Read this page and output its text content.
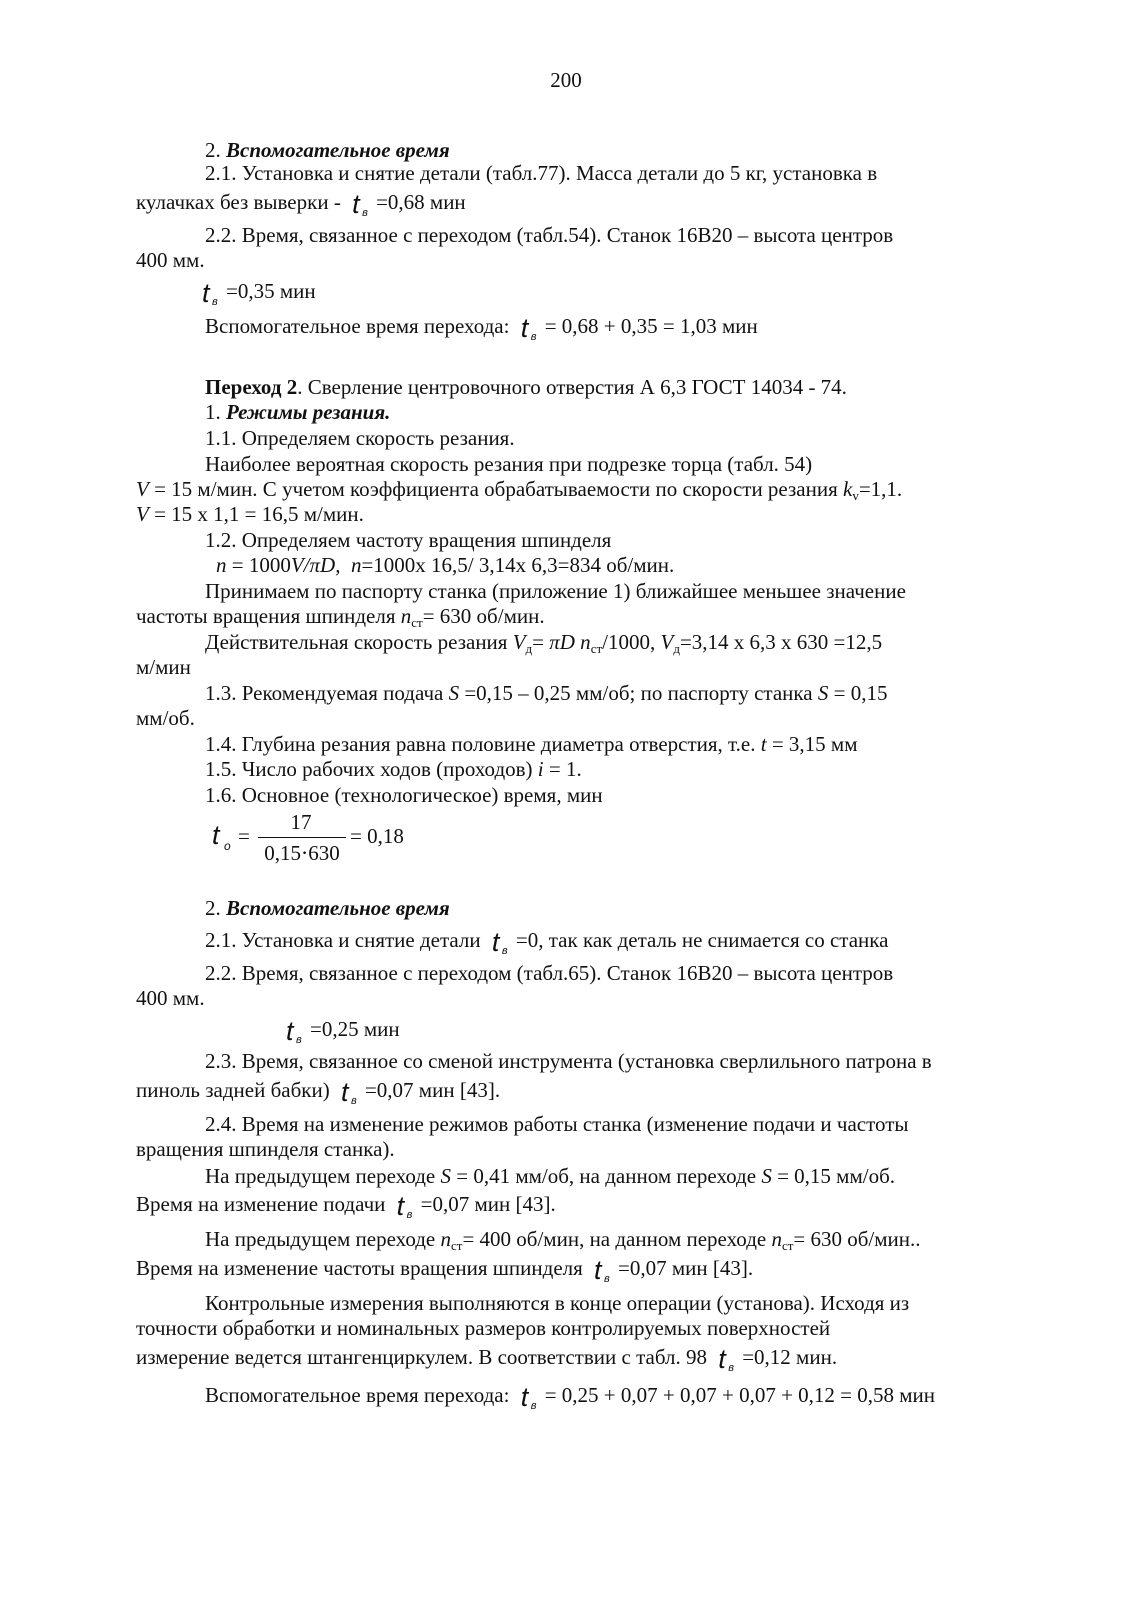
200
2. Вспомогательное время
2.1. Установка и снятие детали (табл.77). Масса детали до 5 кг, установка в
кулачках без выверки - t в =0,68 мин
2.2. Время, связанное с переходом (табл.54). Станок 16В20 – высота центров
400 мм.
t в =0,35 мин
Вспомогательное время перехода: t в = 0,68 + 0,35 = 1,03 мин
Переход 2. Сверление центровочного отверстия А 6,3 ГОСТ 14034 - 74.
1. Режимы резания.
1.1. Определяем скорость резания.
Наиболее вероятная скорость резания при подрезке торца (табл. 54)
V = 15 м/мин. С учетом коэффициента обрабатываемости по скорости резания $k_v=1,1$.
V = 15 х 1,1 = 16,5 м/мин.
1.2. Определяем частоту вращения шпинделя
n = 1000V/πD, n=1000х 16,5/ 3,14х 6,3=834 об/мин.
Принимаем по паспорту станка (приложение 1) ближайшее меньшее значение
частоты вращения шпинделя $n_{ст}= 630$ об/мин.
Действительная скорость резания $V_д= \pi D$ $n_{ст}/1000$, $V_д=3,14$ х 6,3 х 630 =12,5
м/мин
1.3. Рекомендуемая подача S =0,15 – 0,25 мм/об; по паспорту станка S = 0,15
мм/об.
1.4. Глубина резания равна половине диаметра отверстия, т.е. t = 3,15 мм
1.5. Число рабочих ходов (проходов) i = 1.
1.6. Основное (технологическое) время, мин
t о =
17
0,15⋅630
= 0,18
2. Вспомогательное время
2.1. Установка и снятие детали t в =0, так как деталь не снимается со станка
2.2. Время, связанное с переходом (табл.65). Станок 16В20 – высота центров
400 мм.
t в =0,25 мин
2.3. Время, связанное со сменой инструмента (установка сверлильного патрона в
пиноль задней бабки) t в =0,07 мин [43].
2.4. Время на изменение режимов работы станка (изменение подачи и частоты
вращения шпинделя станка).
На предыдущем переходе S = 0,41 мм/об, на данном переходе S = 0,15 мм/об.
Время на изменение подачи t в =0,07 мин [43].
На предыдущем переходе $n_{ст}= 400$ об/мин, на данном переходе $n_{ст}= 630$ об/мин..
Время на изменение частоты вращения шпинделя t в =0,07 мин [43].
Контрольные измерения выполняются в конце операции (установа). Исходя из
точности обработки и номинальных размеров контролируемых поверхностей
измерение ведется штангенциркулем. В соответствии с табл. 98 t в =0,12 мин.
Вспомогательное время перехода: t в = 0,25 + 0,07 + 0,07 + 0,07 + 0,12 = 0,58 мин
